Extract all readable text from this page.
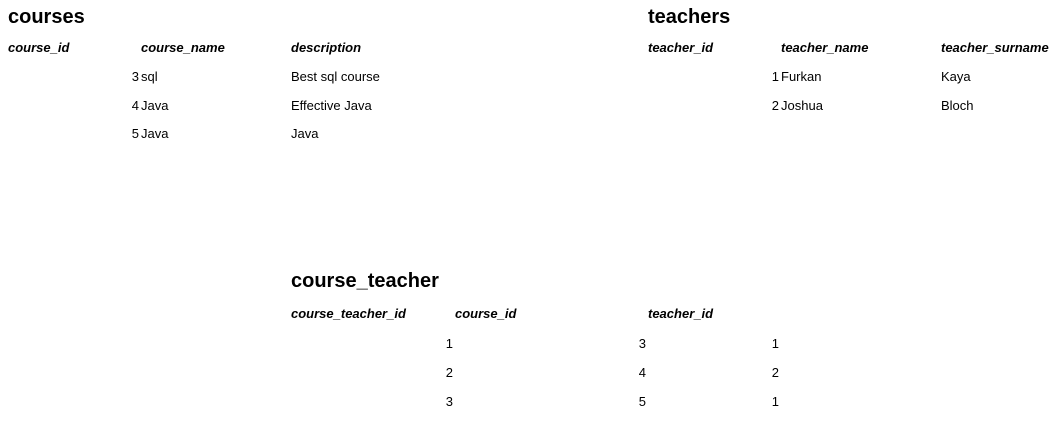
courses
course_id	course_name	description
3 sql	Best sql course
4 Java	Effective Java
5 Java	Java
teachers
teacher_id	teacher_name	teacher_surname
1 Furkan	Kaya
2 Joshua	Bloch
course_teacher
course_teacher_id	course_id	teacher_id
1	3	1
2	4	2
3	5	1
